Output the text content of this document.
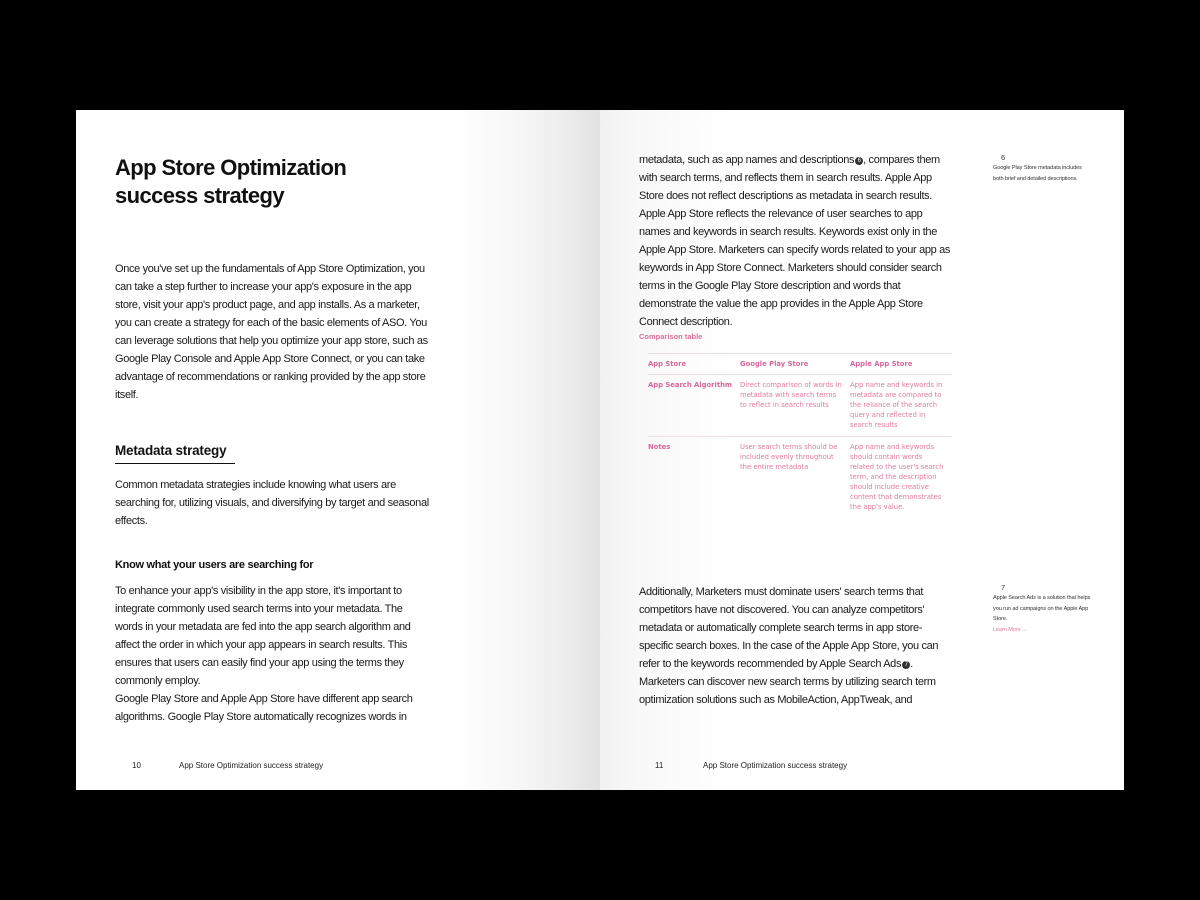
App Store Optimization
success strategy

Once you've set up the fundamentals of App Store Optimization, you can take a step further to increase your app's exposure in the app store, visit your app's product page, and app installs. As a marketer, you can create a strategy for each of the basic elements of ASO. You can leverage solutions that help you optimize your app store, such as Google Play Console and Apple App Store Connect, or you can take advantage of recommendations or ranking provided by the app store itself.

Metadata strategy

Common metadata strategies include knowing what users are searching for, utilizing visuals, and diversifying by target and seasonal effects.

Know what your users are searching for
To enhance your app's visibility in the app store, it's important to integrate commonly used search terms into your metadata. The words in your metadata are fed into the app search algorithm and affect the order in which your app appears in search results. This ensures that users can easily find your app using the terms they commonly employ.
Google Play Store and Apple App Store have different app search algorithms. Google Play Store automatically recognizes words in
10	App Store Optimization success strategy

metadata, such as app names and descriptions 6 , compares them with search terms, and reflects them in search results. Apple App Store does not reflect descriptions as metadata in search results. Apple App Store reflects the relevance of user searches to app names and keywords in search results. Keywords exist only in the Apple App Store. Marketers can specify words related to your app as keywords in App Store Connect. Marketers should consider search terms in the Google Play Store description and words that demonstrate the value the app provides in the Apple App Store Connect description.

Comparison table
App Store	Google Play Store	Apple App Store
App Search Algorithm	Direct comparison of words in metadata with search terms to reflect in search results	App name and keywords in metadata are compared to the reliance of the search query and reflected in search results
Notes	User search terms should be included evenly throughout the entire metadata	App name and keywords should contain words related to the user's search term, and the description should include creative content that demonstrates the app's value.
Additionally, Marketers must dominate users' search terms that competitors have not discovered. You can analyze competitors' metadata or automatically complete search terms in app store-specific search boxes. In the case of the Apple App Store, you can refer to the keywords recommended by Apple Search Ads 7 .
Marketers can discover new search terms by utilizing search term optimization solutions such as MobileAction, AppTweak, and
6
Google Play Store metadata includes both brief and detailed descriptions.
7
Apple Search Ads is a solution that helps you run ad campaigns on the Apple App Store.
Learn More →
11	App Store Optimization success strategy
